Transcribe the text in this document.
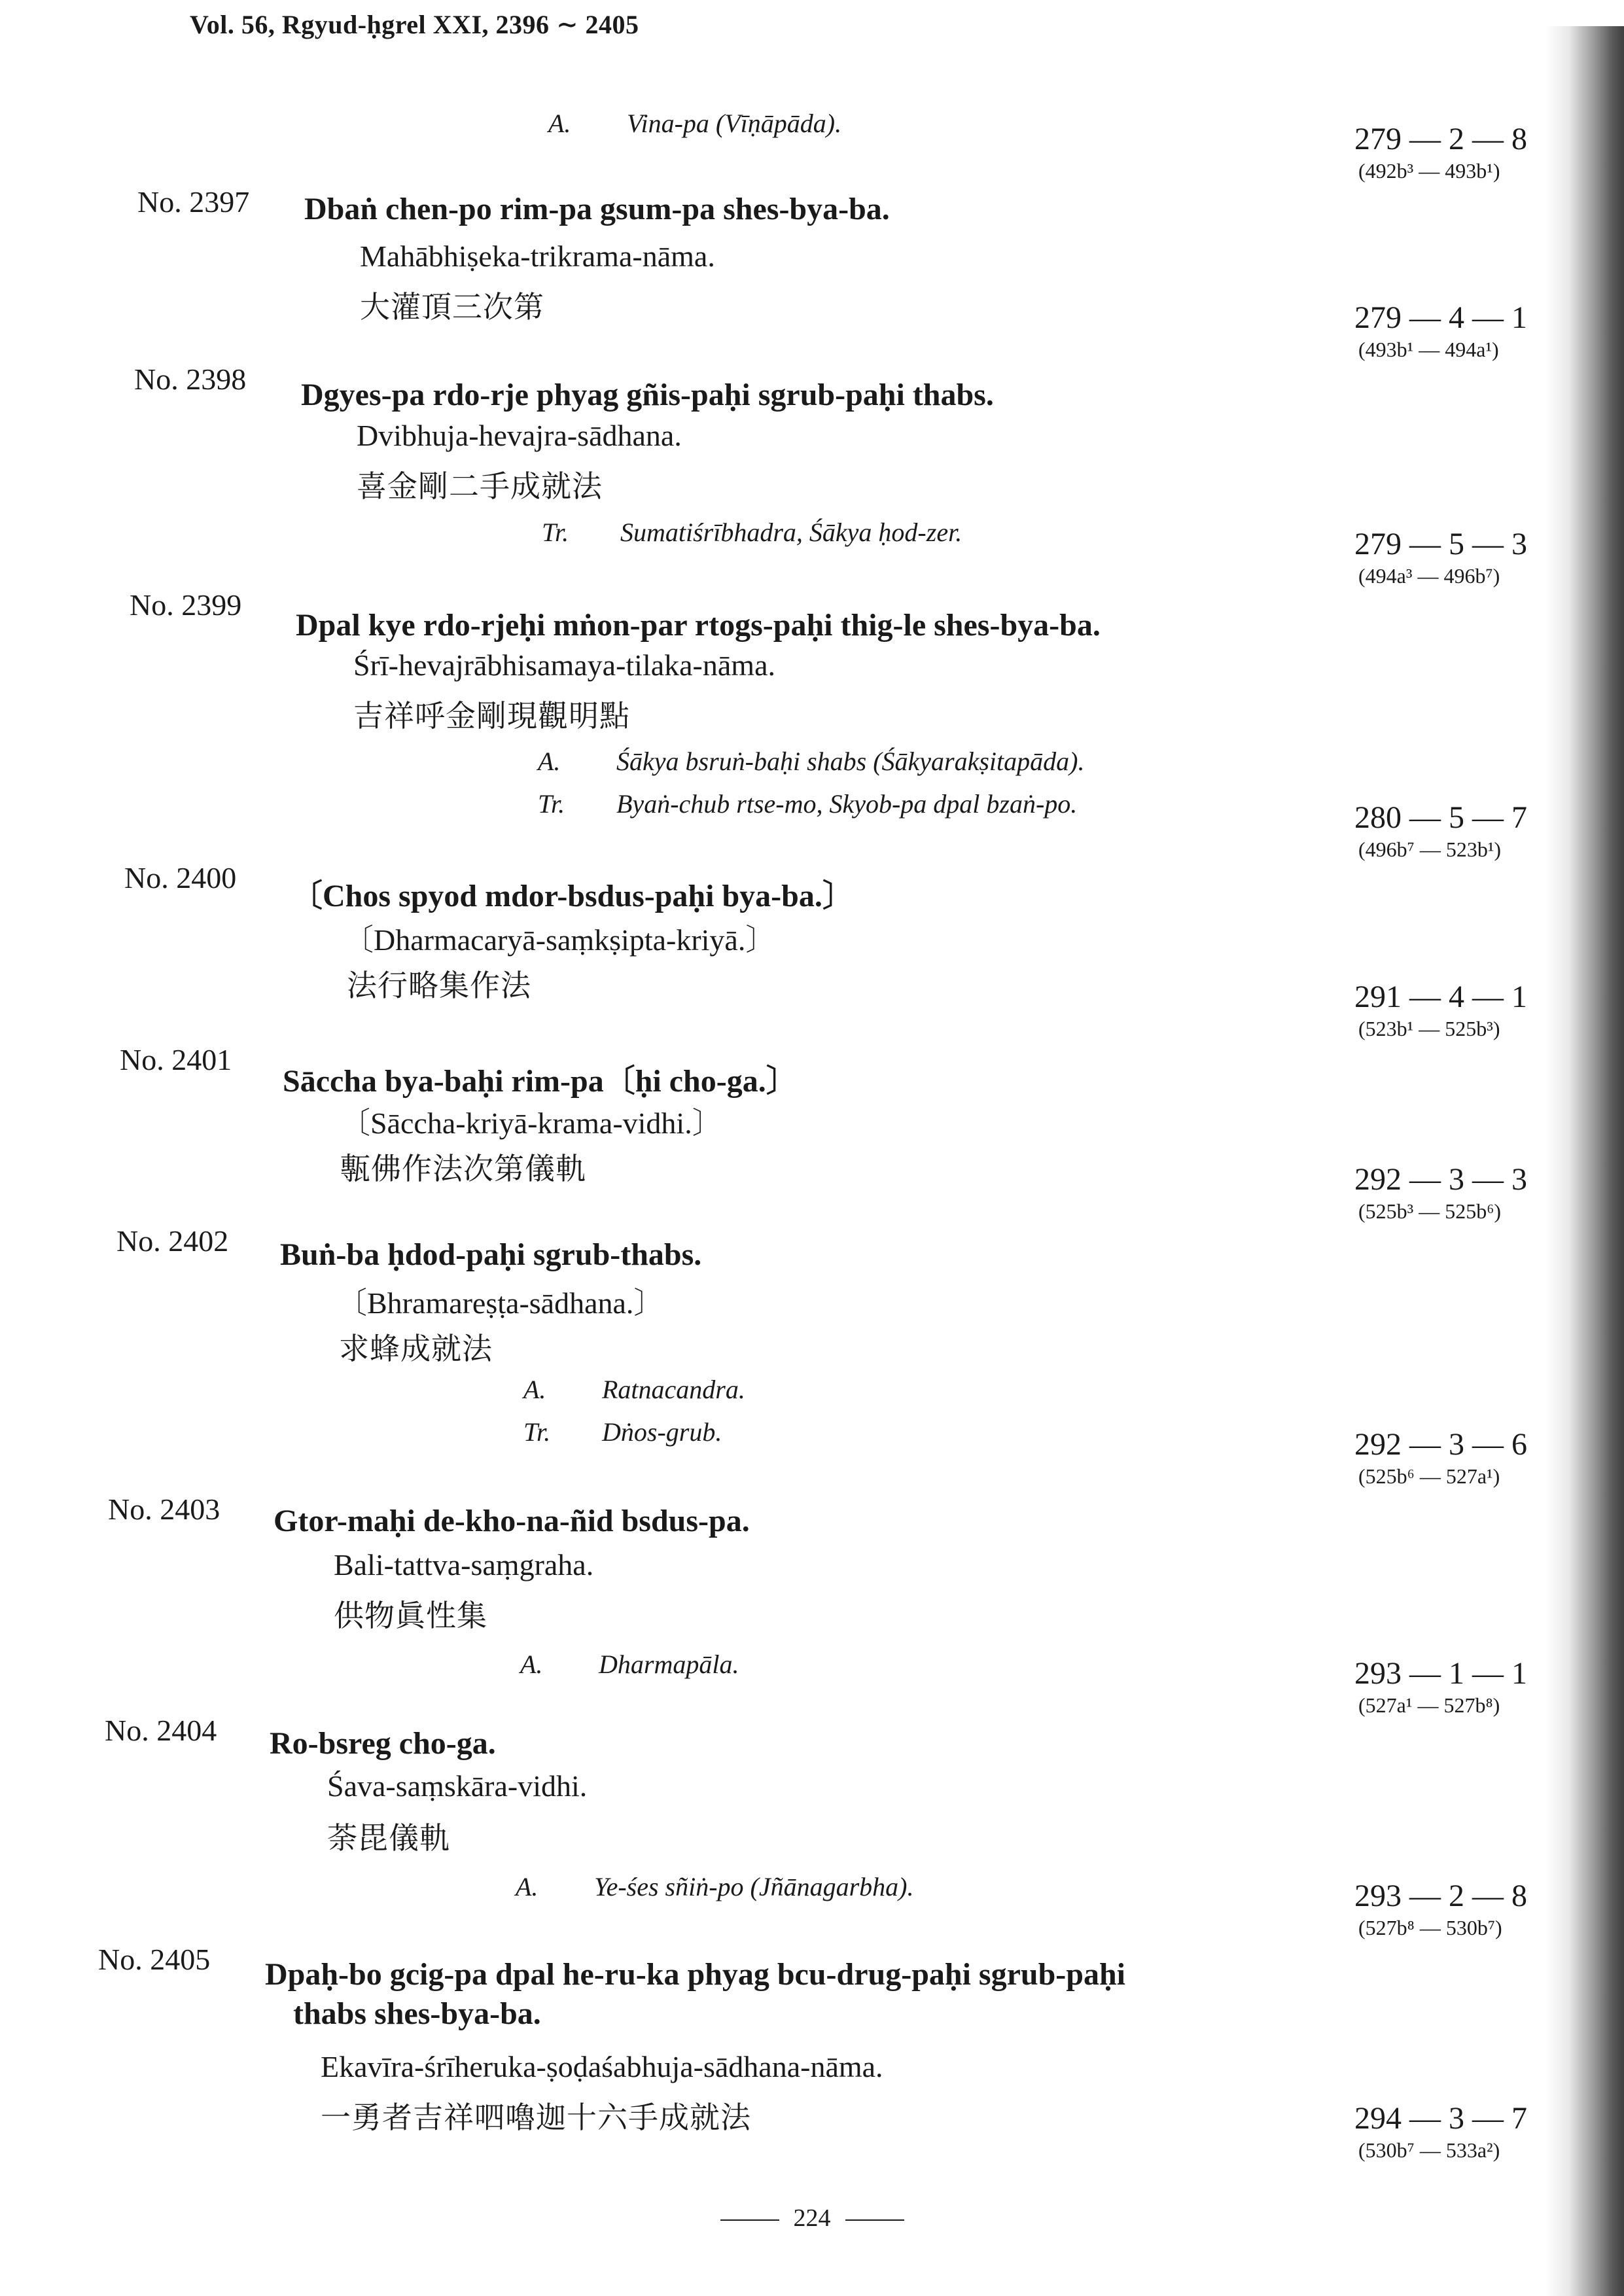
Vol. 56, Rgyud-ḥgrel XXI, 2396 ∼ 2405
A. Vina-pa (Vīṇāpāda).	279 — 2 — 8
(492b³ — 493b¹)
No. 2397 Dbaṅ chen-po rim-pa gsum-pa shes-bya-ba.
Mahābhiṣeka-trikrama-nāma.
大灌頂三次第	279 — 4 — 1
(493b¹ — 494a¹)
No. 2398 Dgyes-pa rdo-rje phyag gñis-paḥi sgrub-paḥi thabs.
Dvibhuja-hevajra-sādhana.
喜金剛二手成就法
Tr. Sumatiśrībhadra, Śākya ḥod-zer.	279 — 5 — 3
(494a³ — 496b⁷)
No. 2399
Dpal kye rdo-rjeḥi mṅon-par rtogs-paḥi thig-le shes-bya-ba.
Śrī-hevajrābhisamaya-tilaka-nāma.
吉祥呼金剛現觀明點
A. Śākya bsruṅ-baḥi shabs (Śākyarakṣitapāda).
Tr. Byaṅ-chub rtse-mo, Skyob-pa dpal bzaṅ-po.	280 — 5 — 7
(496b⁷ — 523b¹)
No. 2400
〔Chos spyod mdor-bsdus-paḥi bya-ba.〕
〔Dharmacaryā-saṃkṣipta-kriyā.〕
法行略集作法	291 — 4 — 1
(523b¹ — 525b³)
No. 2401
Sāccha bya-baḥi rim-pa〔ḥi cho-ga.〕
〔Sāccha-kriyā-krama-vidhi.〕
甎佛作法次第儀軌	292 — 3 — 3
(525b³ — 525b⁶)
No. 2402 Buṅ-ba ḥdod-paḥi sgrub-thabs.
〔Bhramareṣṭa-sādhana.〕
求蜂成就法
A. Ratnacandra.
Tr. Dṅos-grub.	292 — 3 — 6
(525b⁶ — 527a¹)
No. 2403 Gtor-maḥi de-kho-na-ñid bsdus-pa.
Bali-tattva-saṃgraha.
供物眞性集
A. Dharmapāla.	293 — 1 — 1
(527a¹ — 527b⁸)
No. 2404 Ro-bsreg cho-ga.
Śava-saṃskāra-vidhi.
荼毘儀軌
A. Ye-śes sñiṅ-po (Jñānagarbha).	293 — 2 — 8
(527b⁸ — 530b⁷)
No. 2405 Dpaḥ-bo gcig-pa dpal he-ru-ka phyag bcu-drug-paḥi sgrub-paḥi
thabs shes-bya-ba.
Ekavīra-śrīheruka-ṣoḍaśabhuja-sādhana-nāma.
一勇者吉祥呬嚕迦十六手成就法	294 — 3 — 7
(530b⁷ — 533a²)
224
